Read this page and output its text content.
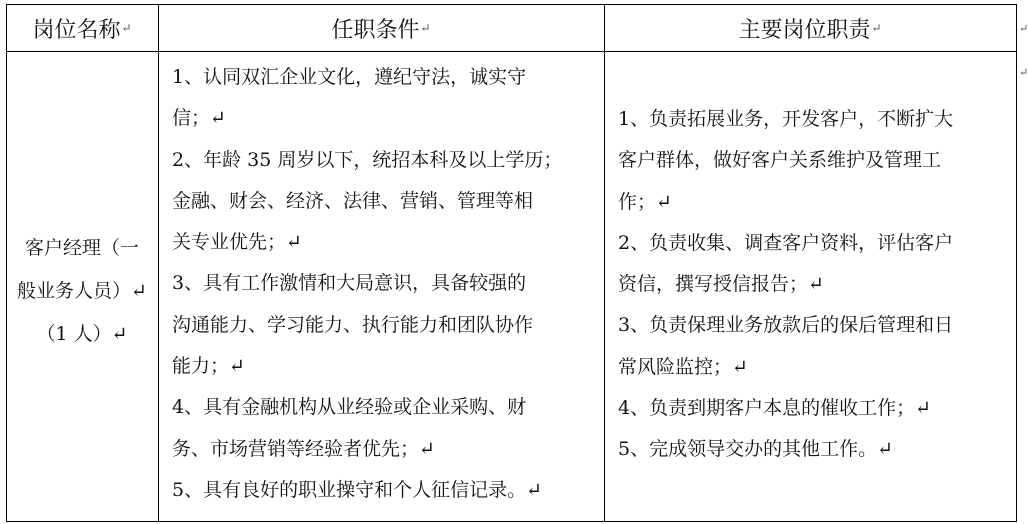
岗位名称 ↵	任职条件 ↵	主要岗位职责 ↵
客户经理（一
般业务人员）↵
（1 人）↵
1、认同双汇企业文化，遵纪守法，诚实守
信；↵
2、年龄 35 周岁以下，统招本科及以上学历；
金融、财会、经济、法律、营销、管理等相
关专业优先；↵
3、具有工作激情和大局意识，具备较强的
沟通能力、学习能力、执行能力和团队协作
能力；↵
4、具有金融机构从业经验或企业采购、财
务、市场营销等经验者优先；↵
5、具有良好的职业操守和个人征信记录。↵
1、负责拓展业务，开发客户，不断扩大
客户群体，做好客户关系维护及管理工
作；↵
2、负责收集、调查客户资料，评估客户
资信，撰写授信报告；↵
3、负责保理业务放款后的保后管理和日
常风险监控；↵
4、负责到期客户本息的催收工作；↵
5、完成领导交办的其他工作。↵
↵
↵
